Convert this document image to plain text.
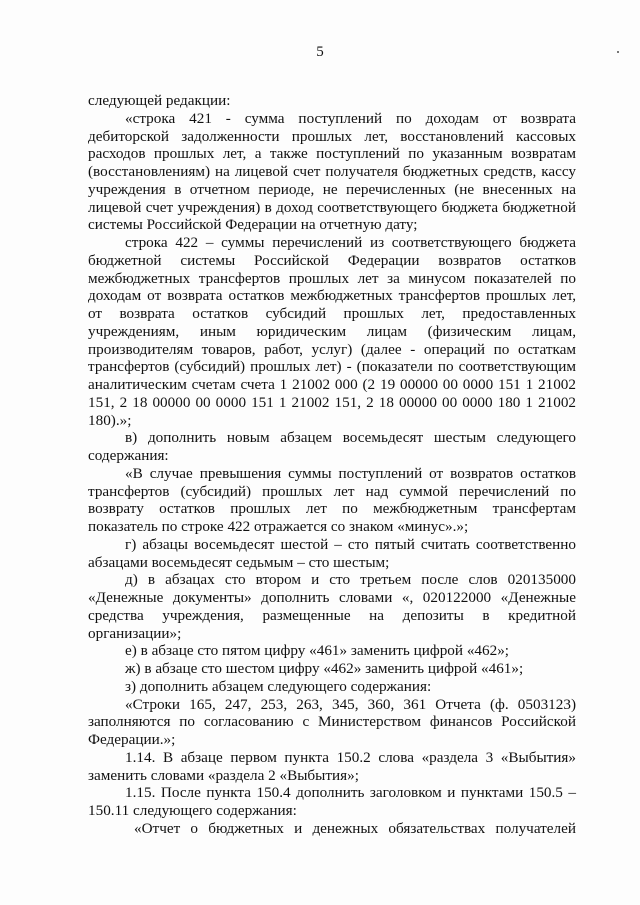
5
следующей редакции:
«строка 421 - сумма поступлений по доходам от возврата
дебиторской задолженности прошлых лет, восстановлений кассовых
расходов прошлых лет, а также поступлений по указанным возвратам
(восстановлениям) на лицевой счет получателя бюджетных средств, кассу
учреждения в отчетном периоде, не перечисленных (не внесенных на
лицевой счет учреждения) в доход соответствующего бюджета бюджетной
системы Российской Федерации на отчетную дату;
строка 422 – суммы перечислений из соответствующего бюджета
бюджетной системы Российской Федерации возвратов остатков
межбюджетных трансфертов прошлых лет за минусом показателей по
доходам от возврата остатков межбюджетных трансфертов прошлых лет,
от возврата остатков субсидий прошлых лет, предоставленных
учреждениям, иным юридическим лицам (физическим лицам,
производителям товаров, работ, услуг) (далее - операций по остаткам
трансфертов (субсидий) прошлых лет) - (показатели по соответствующим
аналитическим счетам счета 1 21002 000 (2 19 00000 00 0000 151 1 21002
151, 2 18 00000 00 0000 151 1 21002 151, 2 18 00000 00 0000 180 1 21002
180).»;
в) дополнить новым абзацем восемьдесят шестым следующего
содержания:
«В случае превышения суммы поступлений от возвратов остатков
трансфертов (субсидий) прошлых лет над суммой перечислений по
возврату остатков прошлых лет по межбюджетным трансфертам
показатель по строке 422 отражается со знаком «минус».»;
г) абзацы восемьдесят шестой – сто пятый считать соответственно
абзацами восемьдесят седьмым – сто шестым;
д) в абзацах сто втором и сто третьем после слов 020135000
«Денежные документы» дополнить словами «, 020122000 «Денежные
средства учреждения, размещенные на депозиты в кредитной
организации»;
е) в абзаце сто пятом цифру «461» заменить цифрой «462»;
ж) в абзаце сто шестом цифру «462» заменить цифрой «461»;
з) дополнить абзацем следующего содержания:
«Строки 165, 247, 253, 263, 345, 360, 361 Отчета (ф. 0503123)
заполняются по согласованию с Министерством финансов Российской
Федерации.»;
1.14. В абзаце первом пункта 150.2 слова «раздела 3 «Выбытия»
заменить словами «раздела 2 «Выбытия»;
1.15. После пункта 150.4 дополнить заголовком и пунктами 150.5 –
150.11 следующего содержания:
«Отчет о бюджетных и денежных обязательствах получателей
